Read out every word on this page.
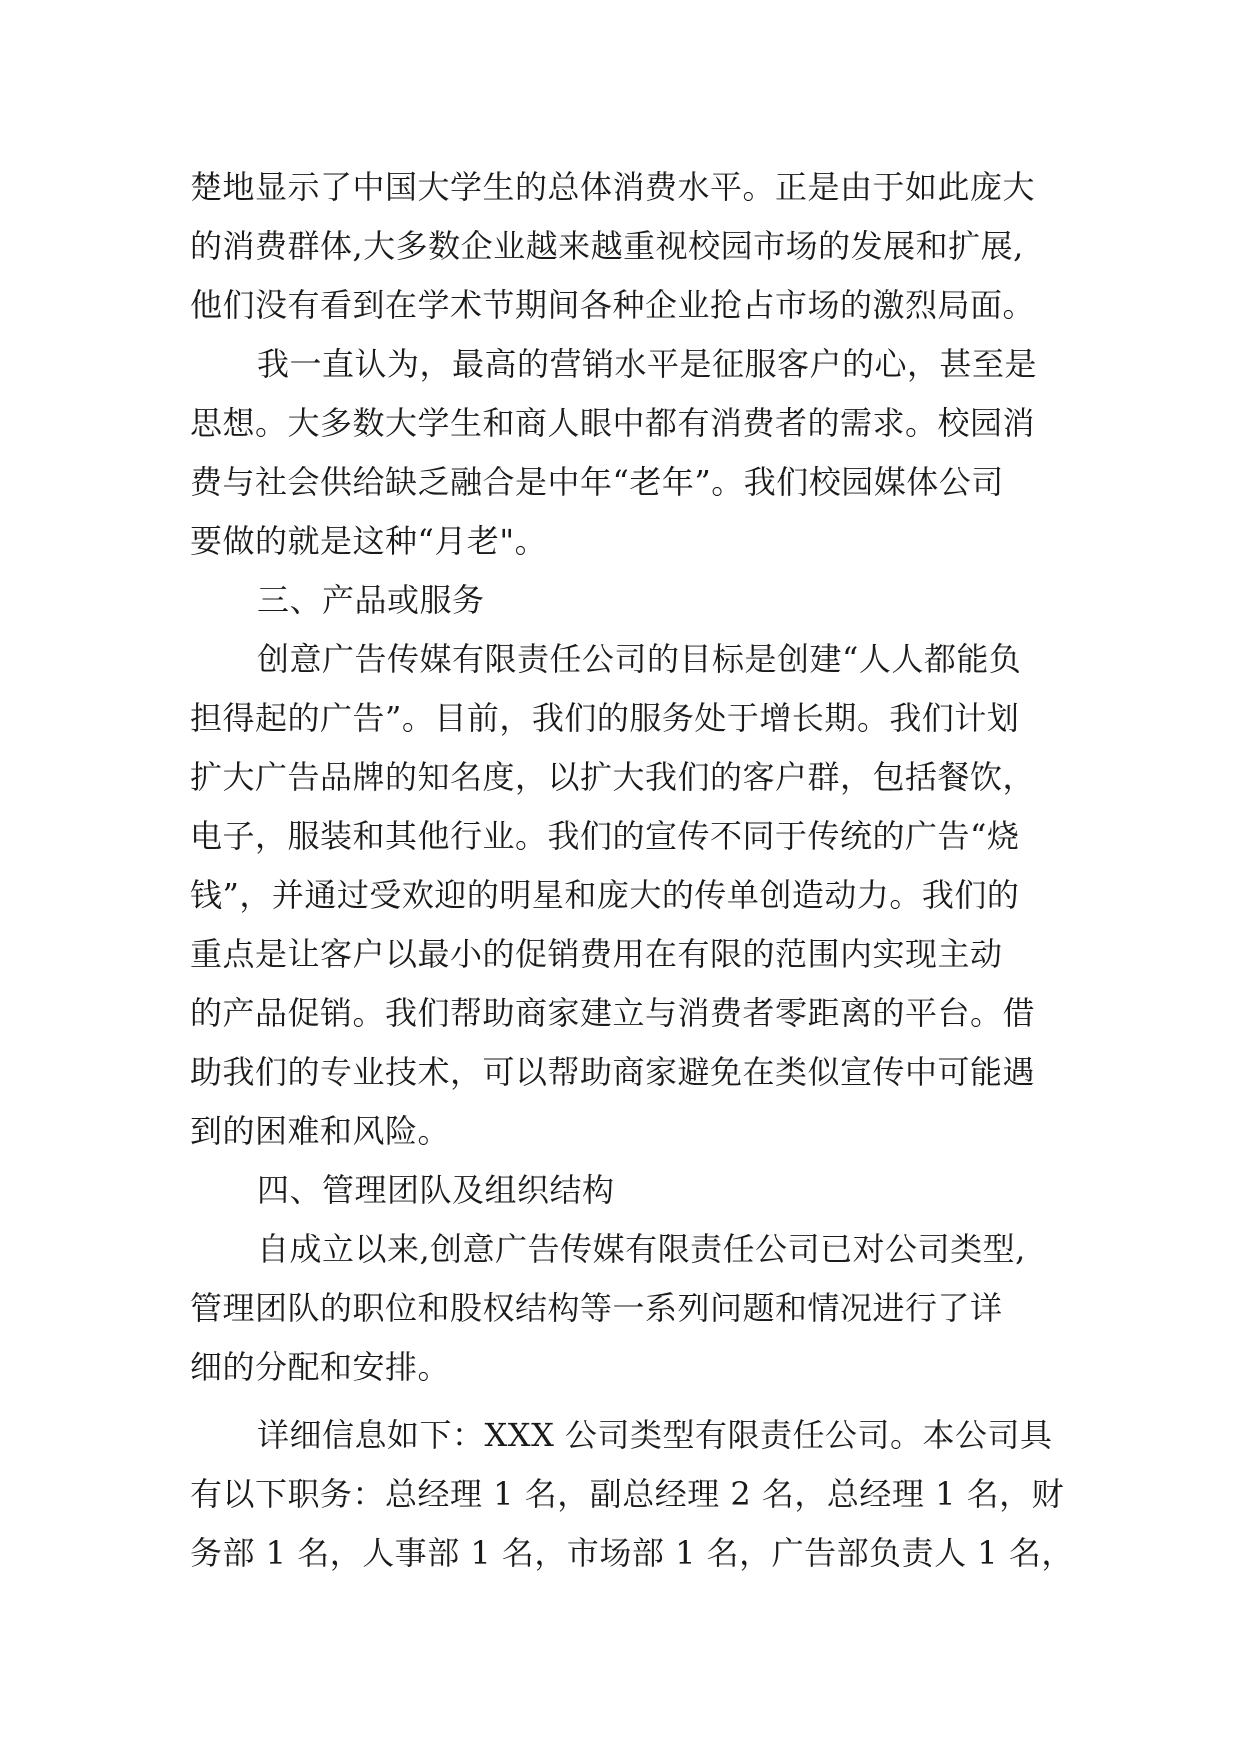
楚地显示了中国大学生的总体消费水平。正是由于如此庞大
的消费群体,大多数企业越来越重视校园市场的发展和扩展,
他们没有看到在学术节期间各种企业抢占市场的激烈局面。
我一直认为，最高的营销水平是征服客户的心，甚至是
思想。大多数大学生和商人眼中都有消费者的需求。校园消
费与社会供给缺乏融合是中年“老年”。我们校园媒体公司
要做的就是这种“月老"。
三、产品或服务
创意广告传媒有限责任公司的目标是创建“人人都能负
担得起的广告”。目前，我们的服务处于增长期。我们计划
扩大广告品牌的知名度，以扩大我们的客户群，包括餐饮，
电子，服装和其他行业。我们的宣传不同于传统的广告“烧
钱”，并通过受欢迎的明星和庞大的传单创造动力。我们的
重点是让客户以最小的促销费用在有限的范围内实现主动
的产品促销。我们帮助商家建立与消费者零距离的平台。借
助我们的专业技术，可以帮助商家避免在类似宣传中可能遇
到的困难和风险。
四、管理团队及组织结构
自成立以来,创意广告传媒有限责任公司已对公司类型,
管理团队的职位和股权结构等一系列问题和情况进行了详
细的分配和安排。
详细信息如下：XXX 公司类型有限责任公司。本公司具
有以下职务：总经理 1 名，副总经理 2 名，总经理 1 名，财
务部 1 名，人事部 1 名，市场部 1 名，广告部负责人 1 名，
